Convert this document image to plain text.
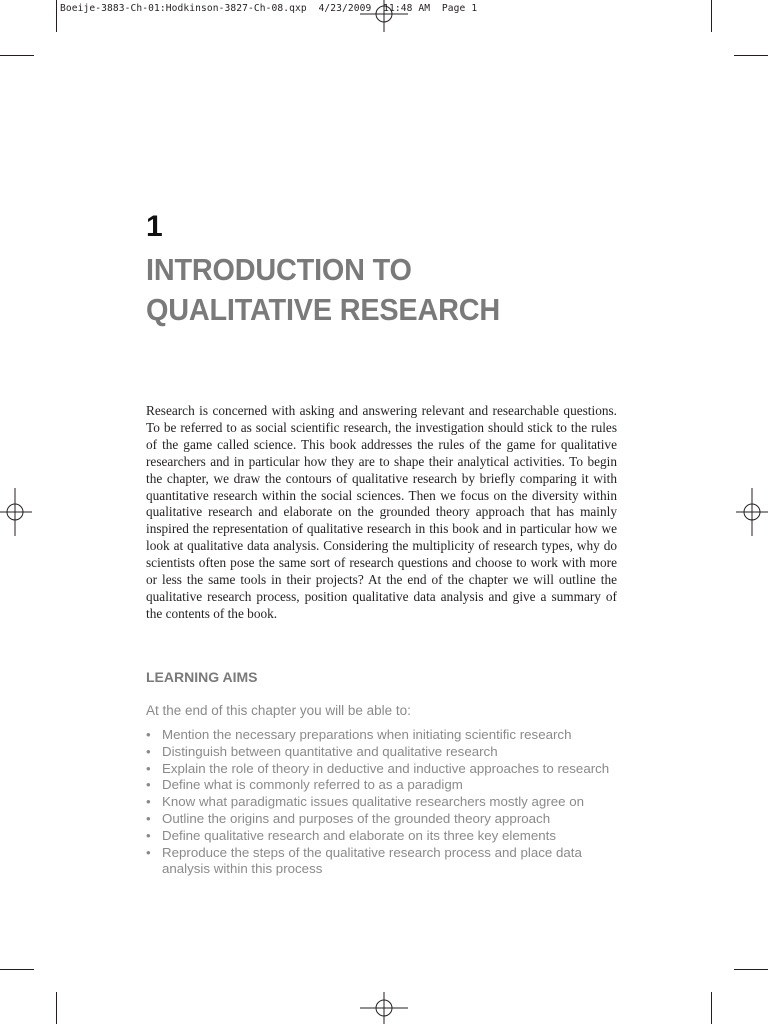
Boeije-3883-Ch-01:Hodkinson-3827-Ch-08.qxp  4/23/2009  11:48 AM  Page 1
1
INTRODUCTION TO
QUALITATIVE RESEARCH

Research is concerned with asking and answering relevant and researchable questions. To be referred to as social scientific research, the investigation should stick to the rules of the game called science. This book addresses the rules of the game for qualitative researchers and in particular how they are to shape their analytical activities. To begin the chapter, we draw the contours of qualitative research by briefly comparing it with quantitative research within the social sciences. Then we focus on the diversity within qualitative research and elaborate on the grounded theory approach that has mainly inspired the representation of qualitative research in this book and in particular how we look at qualitative data analysis. Considering the multiplicity of research types, why do scientists often pose the same sort of research questions and choose to work with more or less the same tools in their projects? At the end of the chapter we will outline the qualitative research process, position qualitative data analysis and give a summary of the contents of the book.

LEARNING AIMS

At the end of this chapter you will be able to:

• Mention the necessary preparations when initiating scientific research
• Distinguish between quantitative and qualitative research
• Explain the role of theory in deductive and inductive approaches to research
• Define what is commonly referred to as a paradigm
• Know what paradigmatic issues qualitative researchers mostly agree on
• Outline the origins and purposes of the grounded theory approach
• Define qualitative research and elaborate on its three key elements
• Reproduce the steps of the qualitative research process and place data analysis within this process
